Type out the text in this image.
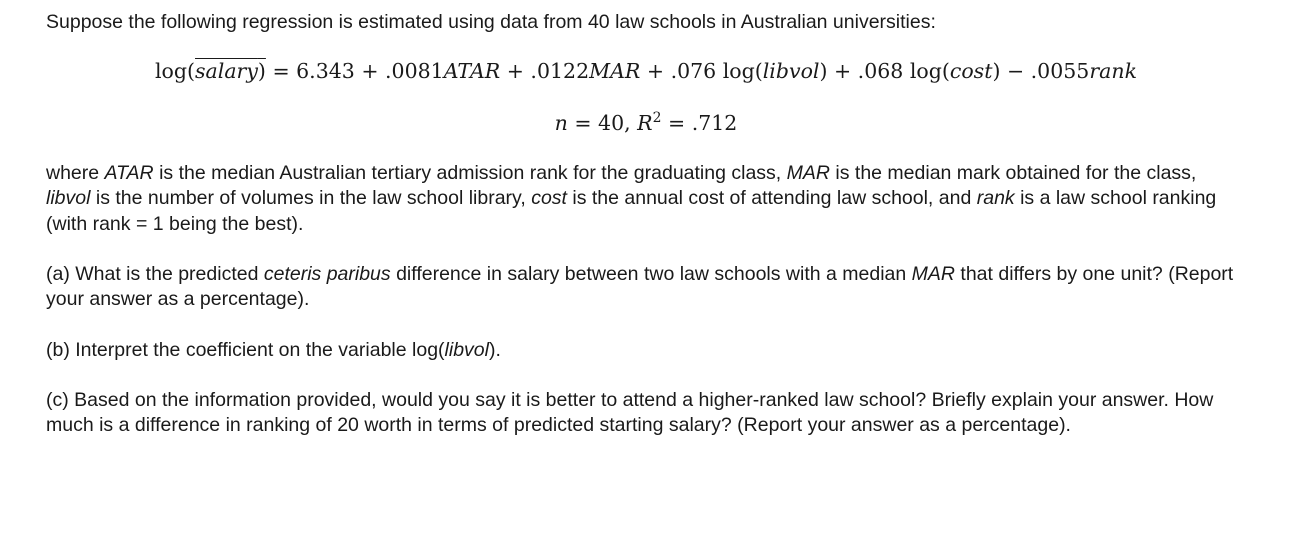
Suppose the following regression is estimated using data from 40 law schools in Australian universities:

log(salary) = 6.343 + .0081ATAR + .0122MAR + .076 log(libvol) + .068 log(cost) − .0055rank
n = 40, $R^2 = .712$

where ATAR is the median Australian tertiary admission rank for the graduating class, MAR is the median mark obtained for the class, libvol is the number of volumes in the law school library, cost is the annual cost of attending law school, and rank is a law school ranking (with rank = 1 being the best).

(a) What is the predicted ceteris paribus difference in salary between two law schools with a median MAR that differs by one unit? (Report your answer as a percentage).

(b) Interpret the coefficient on the variable log(libvol).

(c) Based on the information provided, would you say it is better to attend a higher-ranked law school? Briefly explain your answer. How much is a difference in ranking of 20 worth in terms of predicted starting salary? (Report your answer as a percentage).
